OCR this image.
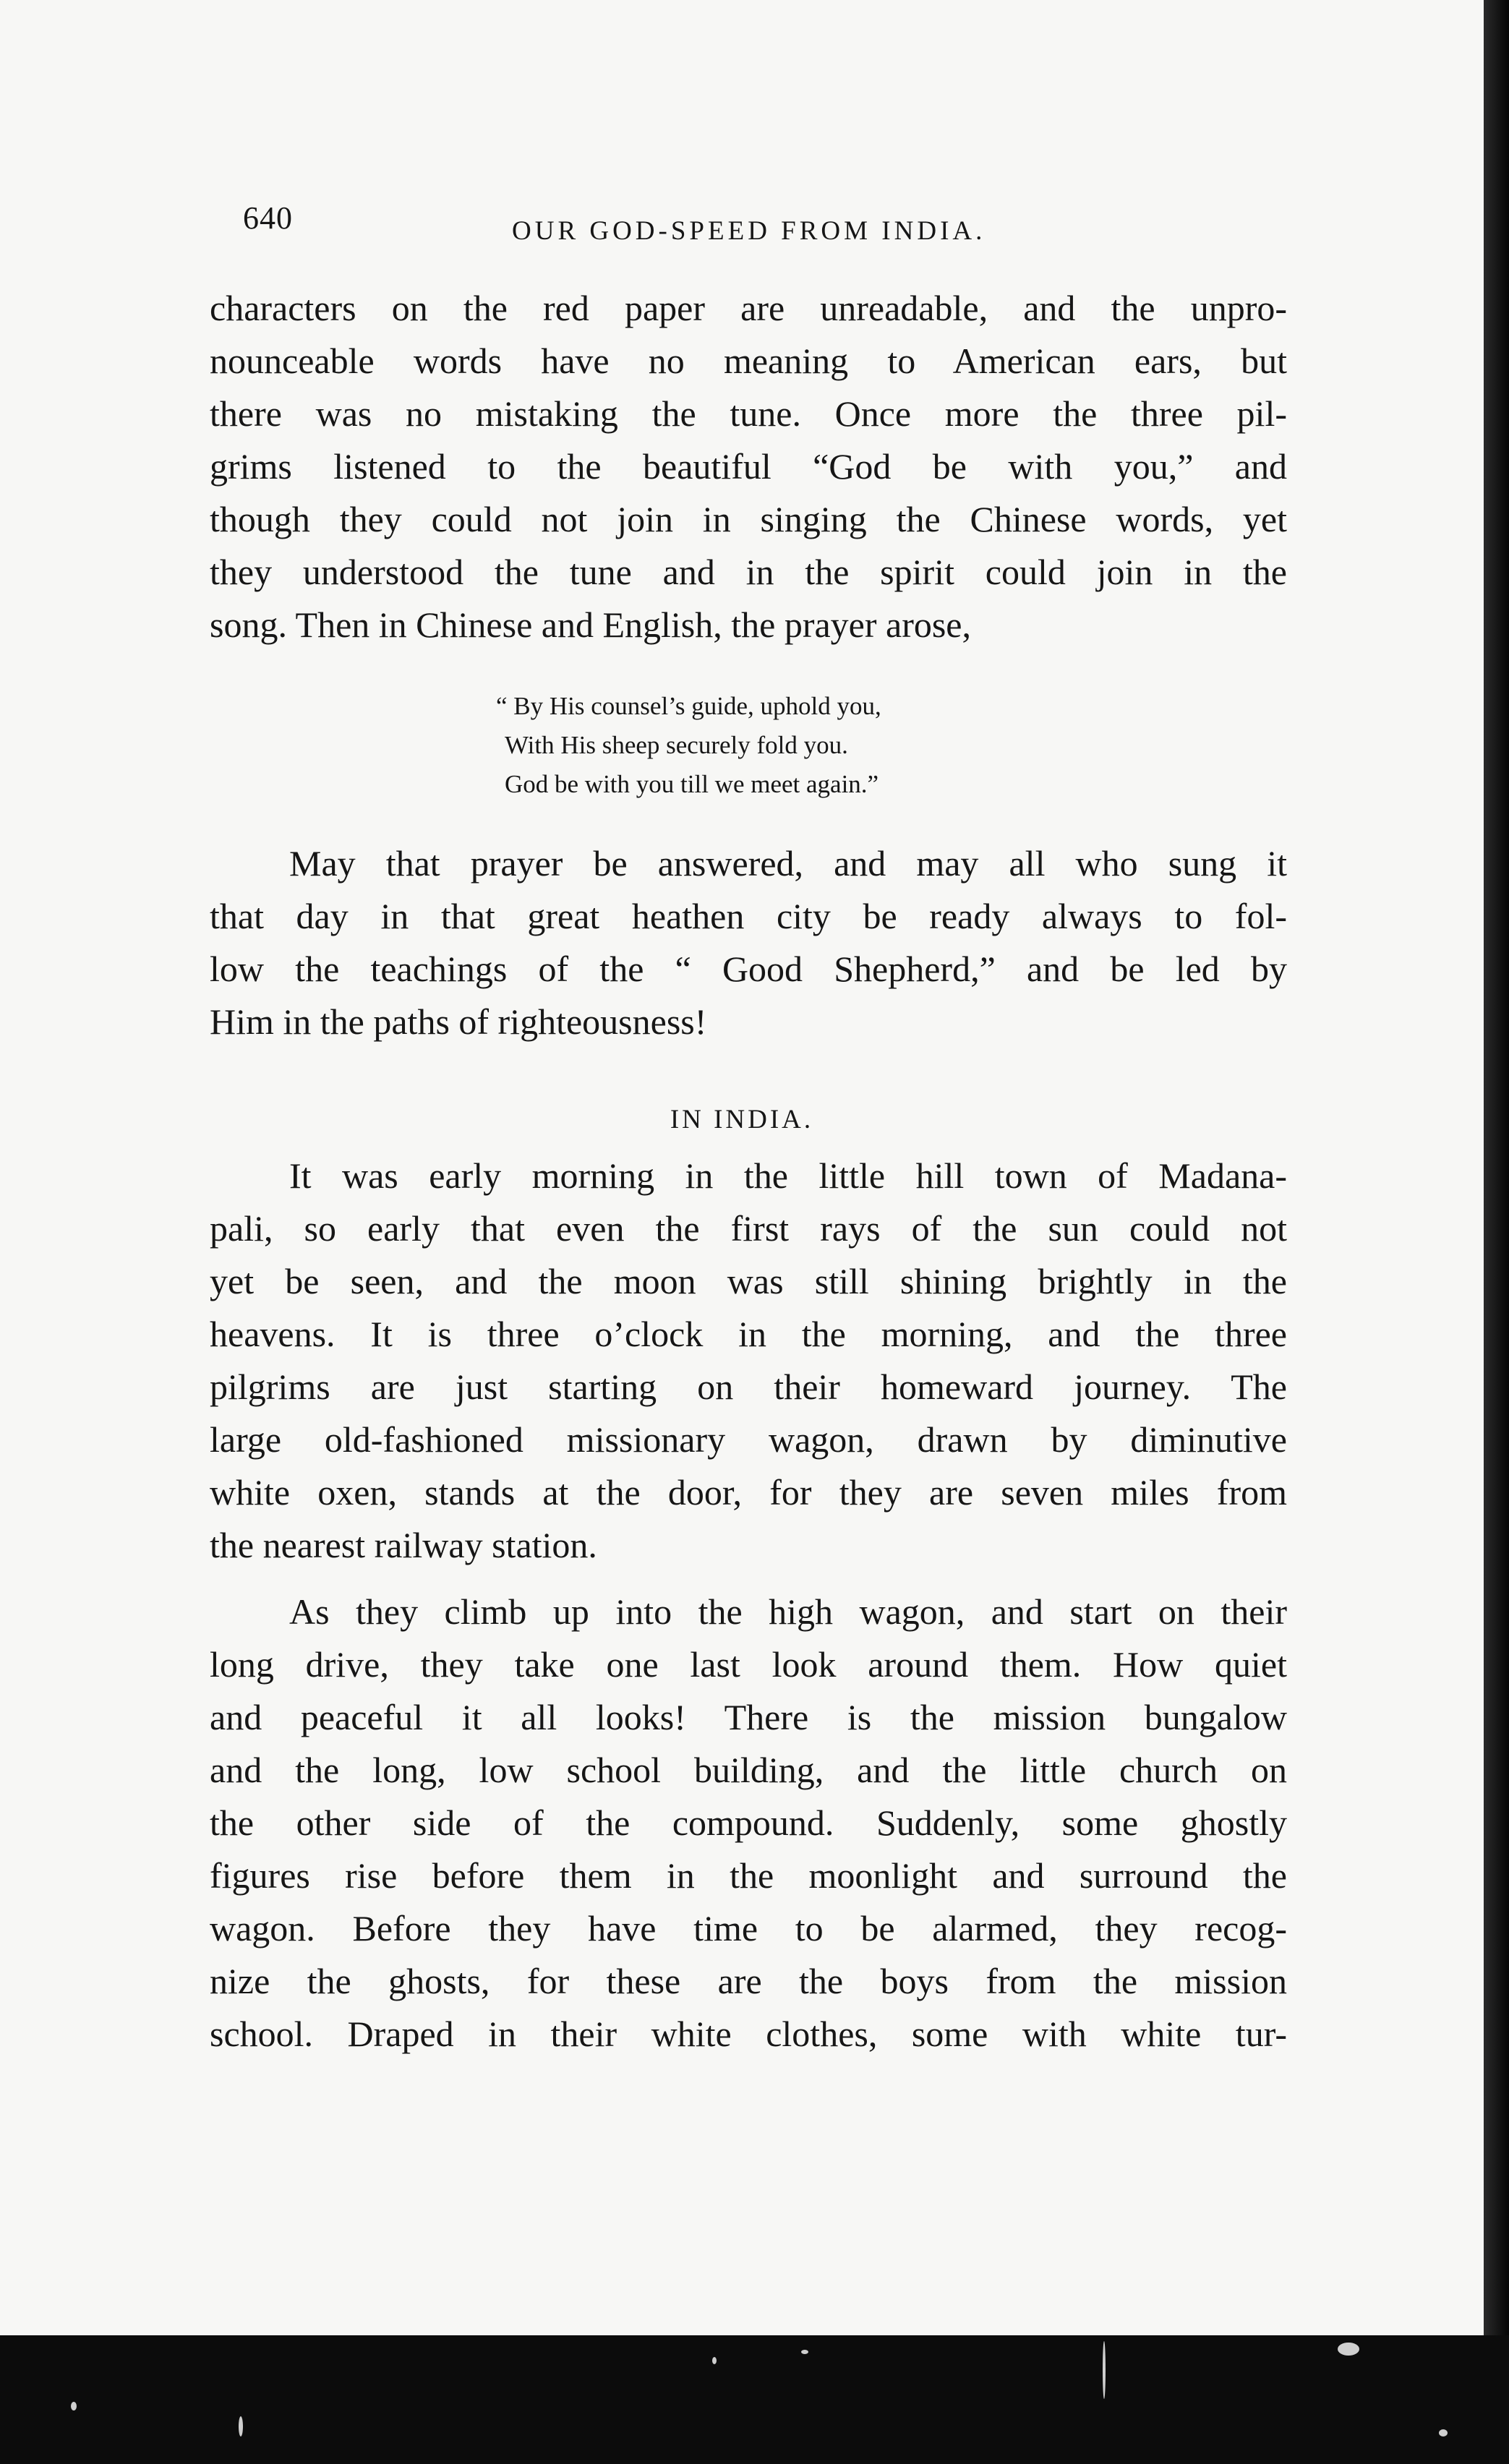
640	OUR GOD-SPEED FROM INDIA.
characters on the red paper are unreadable, and the unpro-
nounceable words have no meaning to American ears, but
there was no mistaking the tune. Once more the three pil-
grims listened to the beautiful “God be with you,” and
though they could not join in singing the Chinese words, yet
they understood the tune and in the spirit could join in the
song. Then in Chinese and English, the prayer arose,
“ By His counsel’s guide, uphold you,
With His sheep securely fold you.
God be with you till we meet again.”
May that prayer be answered, and may all who sung it
that day in that great heathen city be ready always to fol-
low the teachings of the “ Good Shepherd,” and be led by
Him in the paths of righteousness!
IN INDIA.
It was early morning in the little hill town of Madana-
pali, so early that even the first rays of the sun could not
yet be seen, and the moon was still shining brightly in the
heavens. It is three o’clock in the morning, and the three
pilgrims are just starting on their homeward journey. The
large old-fashioned missionary wagon, drawn by diminutive
white oxen, stands at the door, for they are seven miles from
the nearest railway station.
As they climb up into the high wagon, and start on their
long drive, they take one last look around them. How quiet
and peaceful it all looks! There is the mission bungalow
and the long, low school building, and the little church on
the other side of the compound. Suddenly, some ghostly
figures rise before them in the moonlight and surround the
wagon. Before they have time to be alarmed, they recog-
nize the ghosts, for these are the boys from the mission
school. Draped in their white clothes, some with white tur-
